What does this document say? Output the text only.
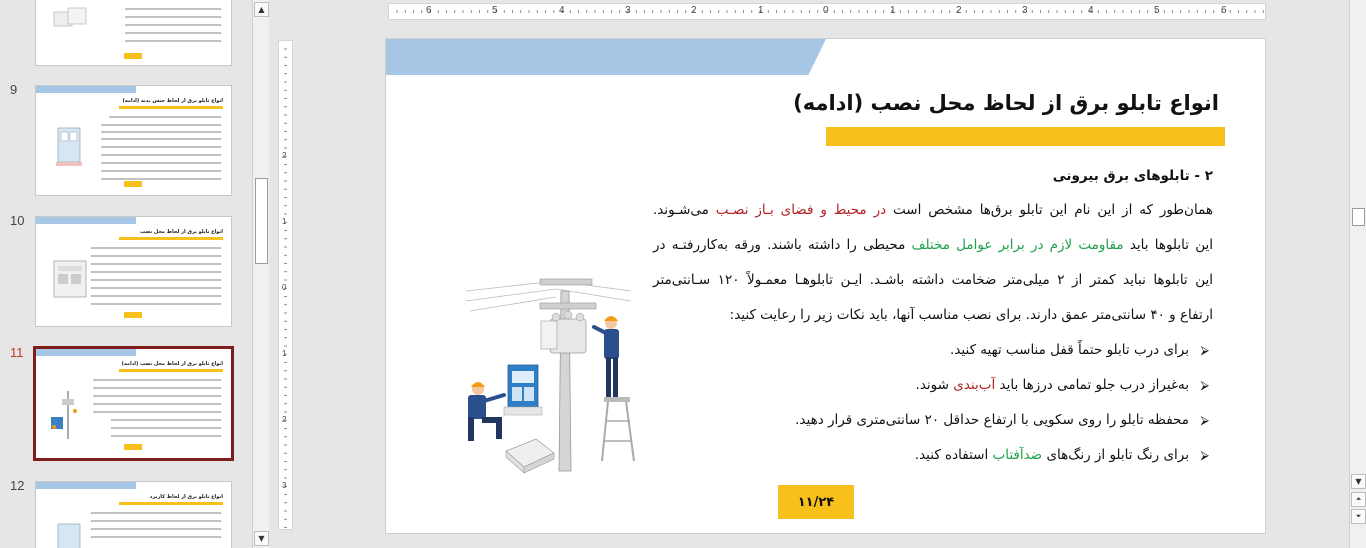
9
انواع تابلو برق از لحاظ جنس بدنه (ادامه)
10
انواع تابلو برق از لحاظ محل نصب
11
انواع تابلو برق از لحاظ محل نصب (ادامه)
12
انواع تابلو برق از لحاظ کاربرد
▲
▼
6	5	4	3	2	1	0	1	2	3	4	5	6
2
1
0
1
2
3
انواع تابلو برق از لحاظ محل نصب (ادامه)
۲ - تابلوهای برق بیرونی
همان‌طور که از این نام این تابلو برق‌ها مشخص است در محیط و فضای بـاز نصـب می‌شـوند.
این تابلوها باید مقاومت لازم در برابر عوامل مختلف محیطی را داشته باشند. ورقه به‌کاررفتـه در
این تابلوها نباید کمتر از ۲ میلی‌متر ضخامت داشته باشـد. ایـن تابلوهـا معمـولاً ۱۲۰ سـانتی‌متر
ارتفاع و ۴۰ سانتی‌متر عمق دارند. برای نصب مناسب آنها، باید نکات زیر را رعایت کنید:
⮚برای درب تابلو حتماً قفل مناسب تهیه کنید.
⮚به‌غیراز درب جلو تمامی درزها باید آب‌بندی شوند.
⮚محفظه تابلو را روی سکویی با ارتفاع حداقل ۲۰ سانتی‌متری قرار دهید.
⮚برای رنگ تابلو از رنگ‌های ضدآفتاب استفاده کنید.
۱۱/۲۴
▼
⏶
⏷
